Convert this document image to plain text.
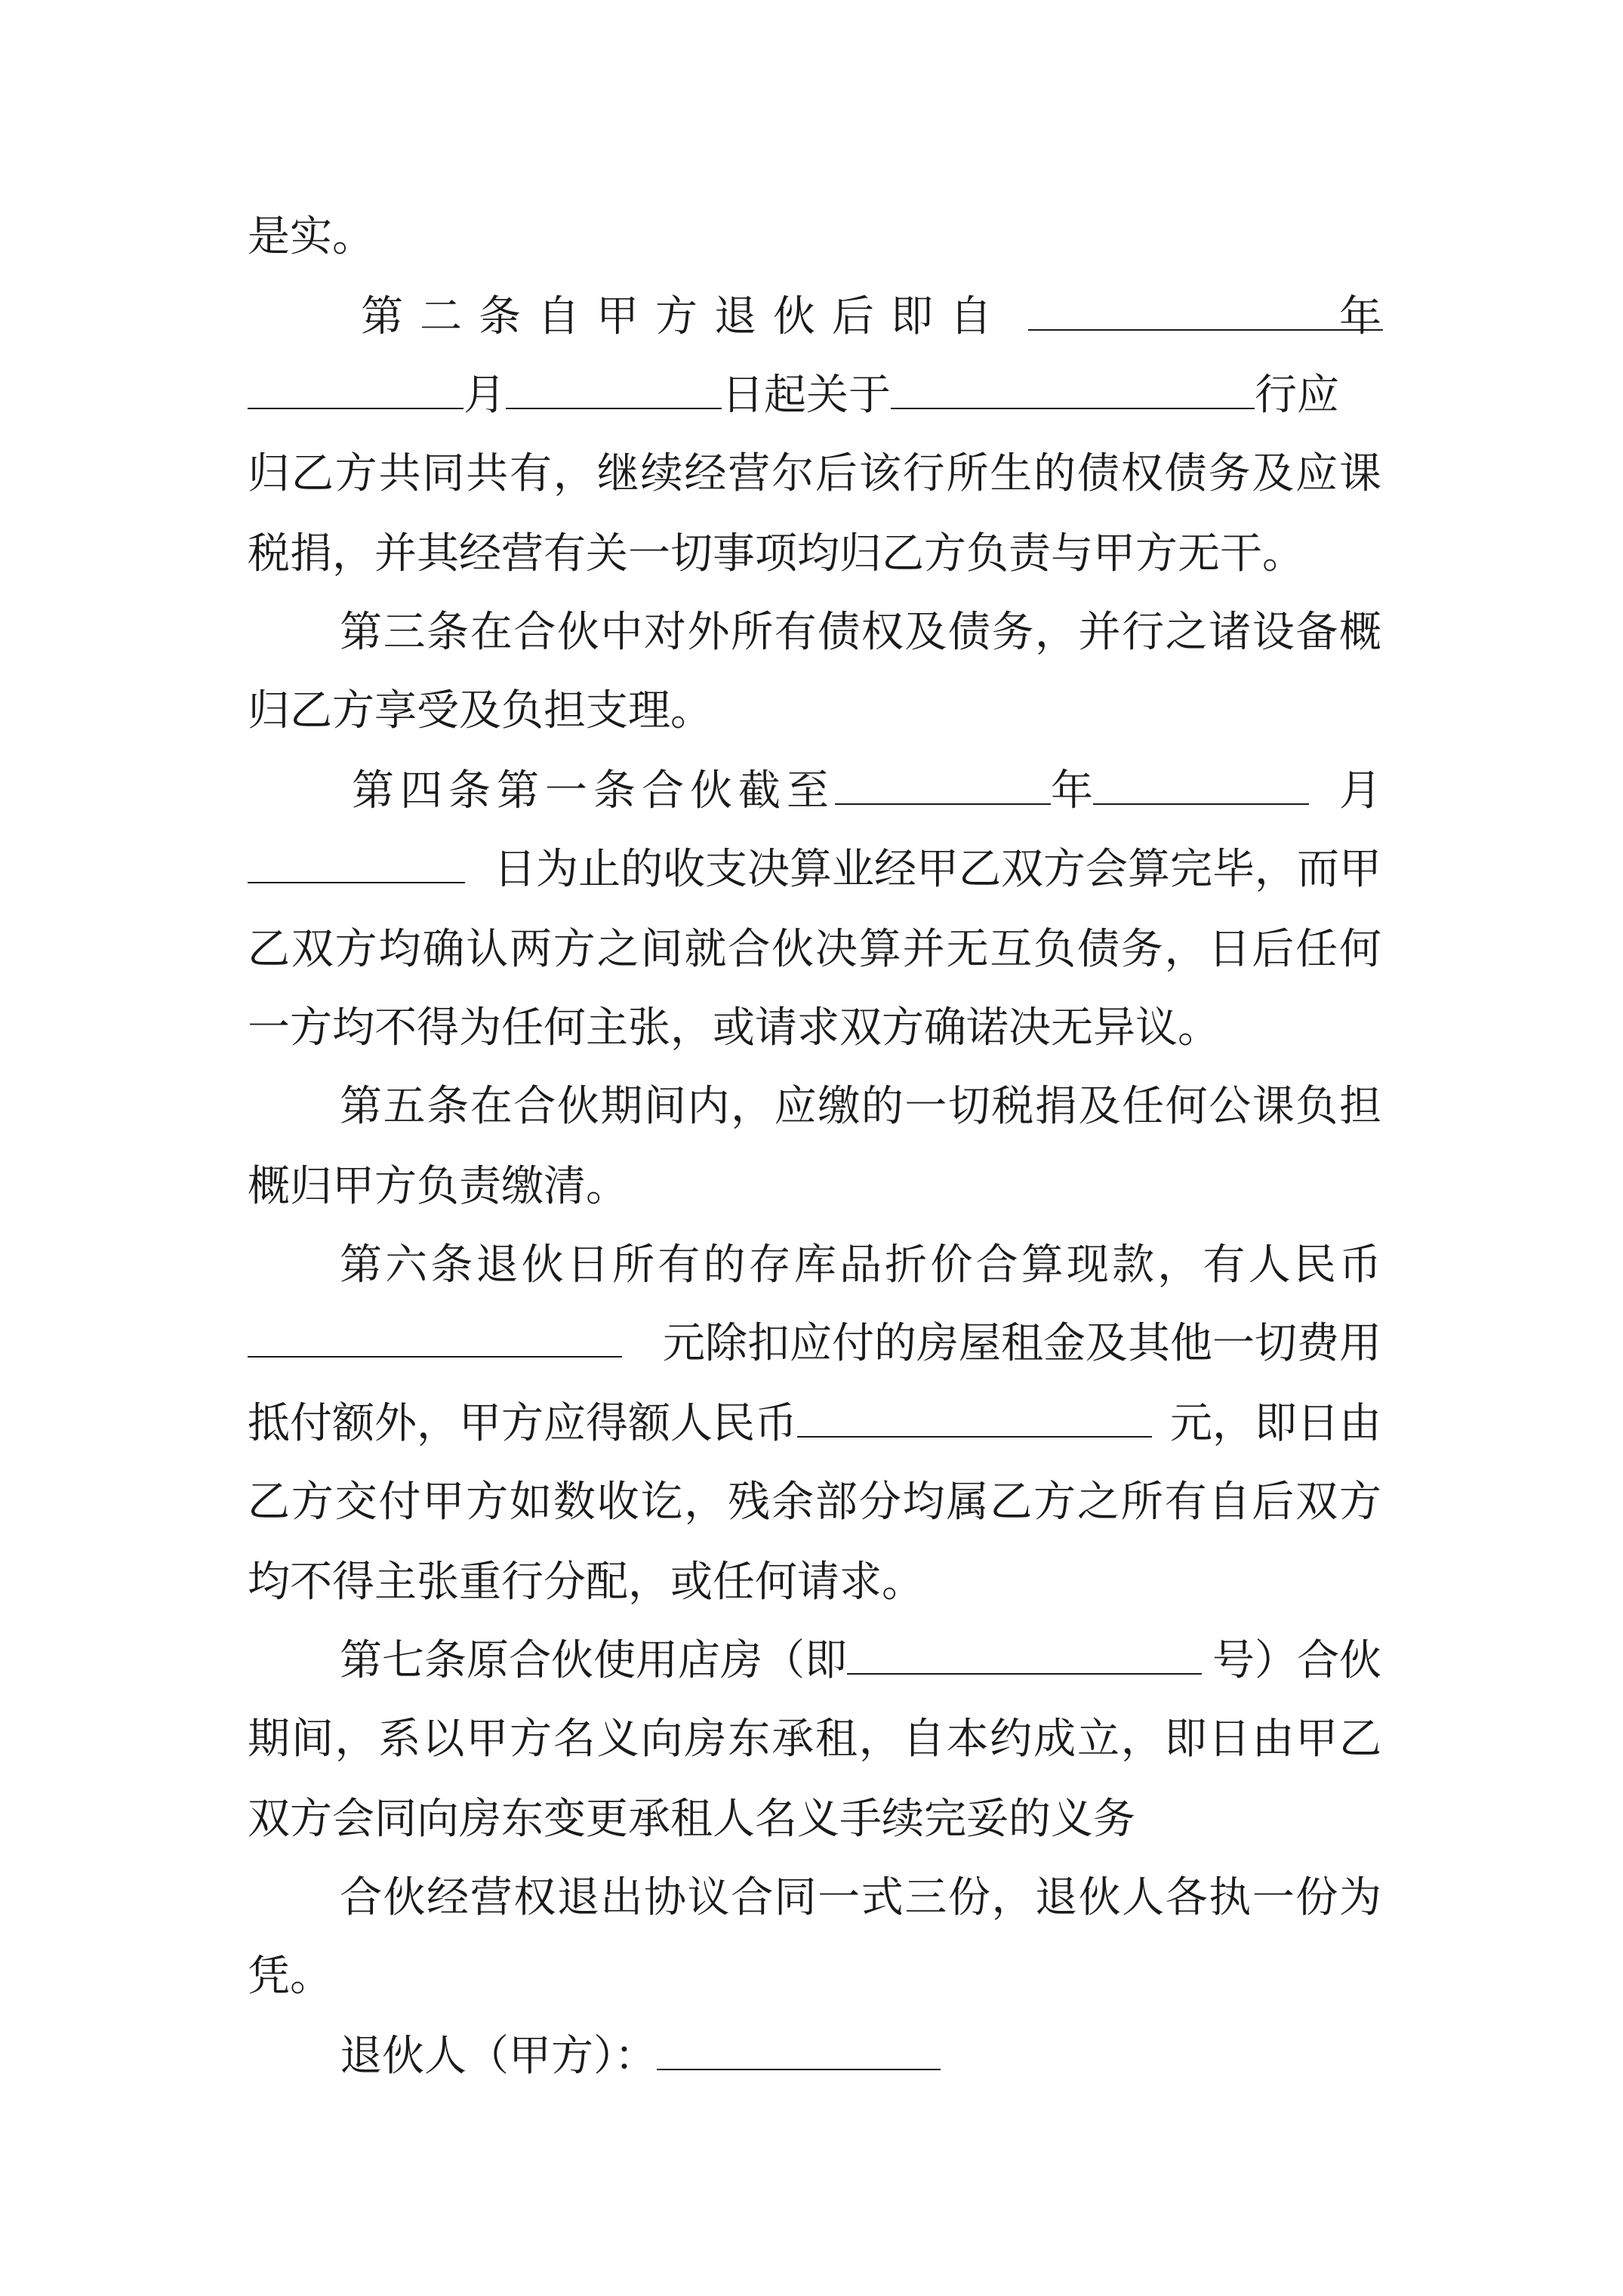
是实。
第二条自甲方退伙后即自	年
月	日起关于	行应
归乙方共同共有，继续经营尔后该行所生的债权债务及应课
税捐，并其经营有关一切事项均归乙方负责与甲方无干。
第三条在合伙中对外所有债权及债务，并行之诸设备概
归乙方享受及负担支理。
第四条第一条合伙截至	年	月
日为止的收支决算业经甲乙双方会算完毕，而甲
乙双方均确认两方之间就合伙决算并无互负债务，日后任何
一方均不得为任何主张，或请求双方确诺决无异议。
第五条在合伙期间内，应缴的一切税捐及任何公课负担
概归甲方负责缴清。
第六条退伙日所有的存库品折价合算现款，有人民币
元除扣应付的房屋租金及其他一切费用
抵付额外，甲方应得额人民币	元，即日由
乙方交付甲方如数收讫，残余部分均属乙方之所有自后双方
均不得主张重行分配，或任何请求。
第七条原合伙使用店房（即	号）合伙
期间，系以甲方名义向房东承租，自本约成立，即日由甲乙
双方会同向房东变更承租人名义手续完妥的义务
合伙经营权退出协议合同一式三份，退伙人各执一份为
凭。
退伙人（甲方）：
